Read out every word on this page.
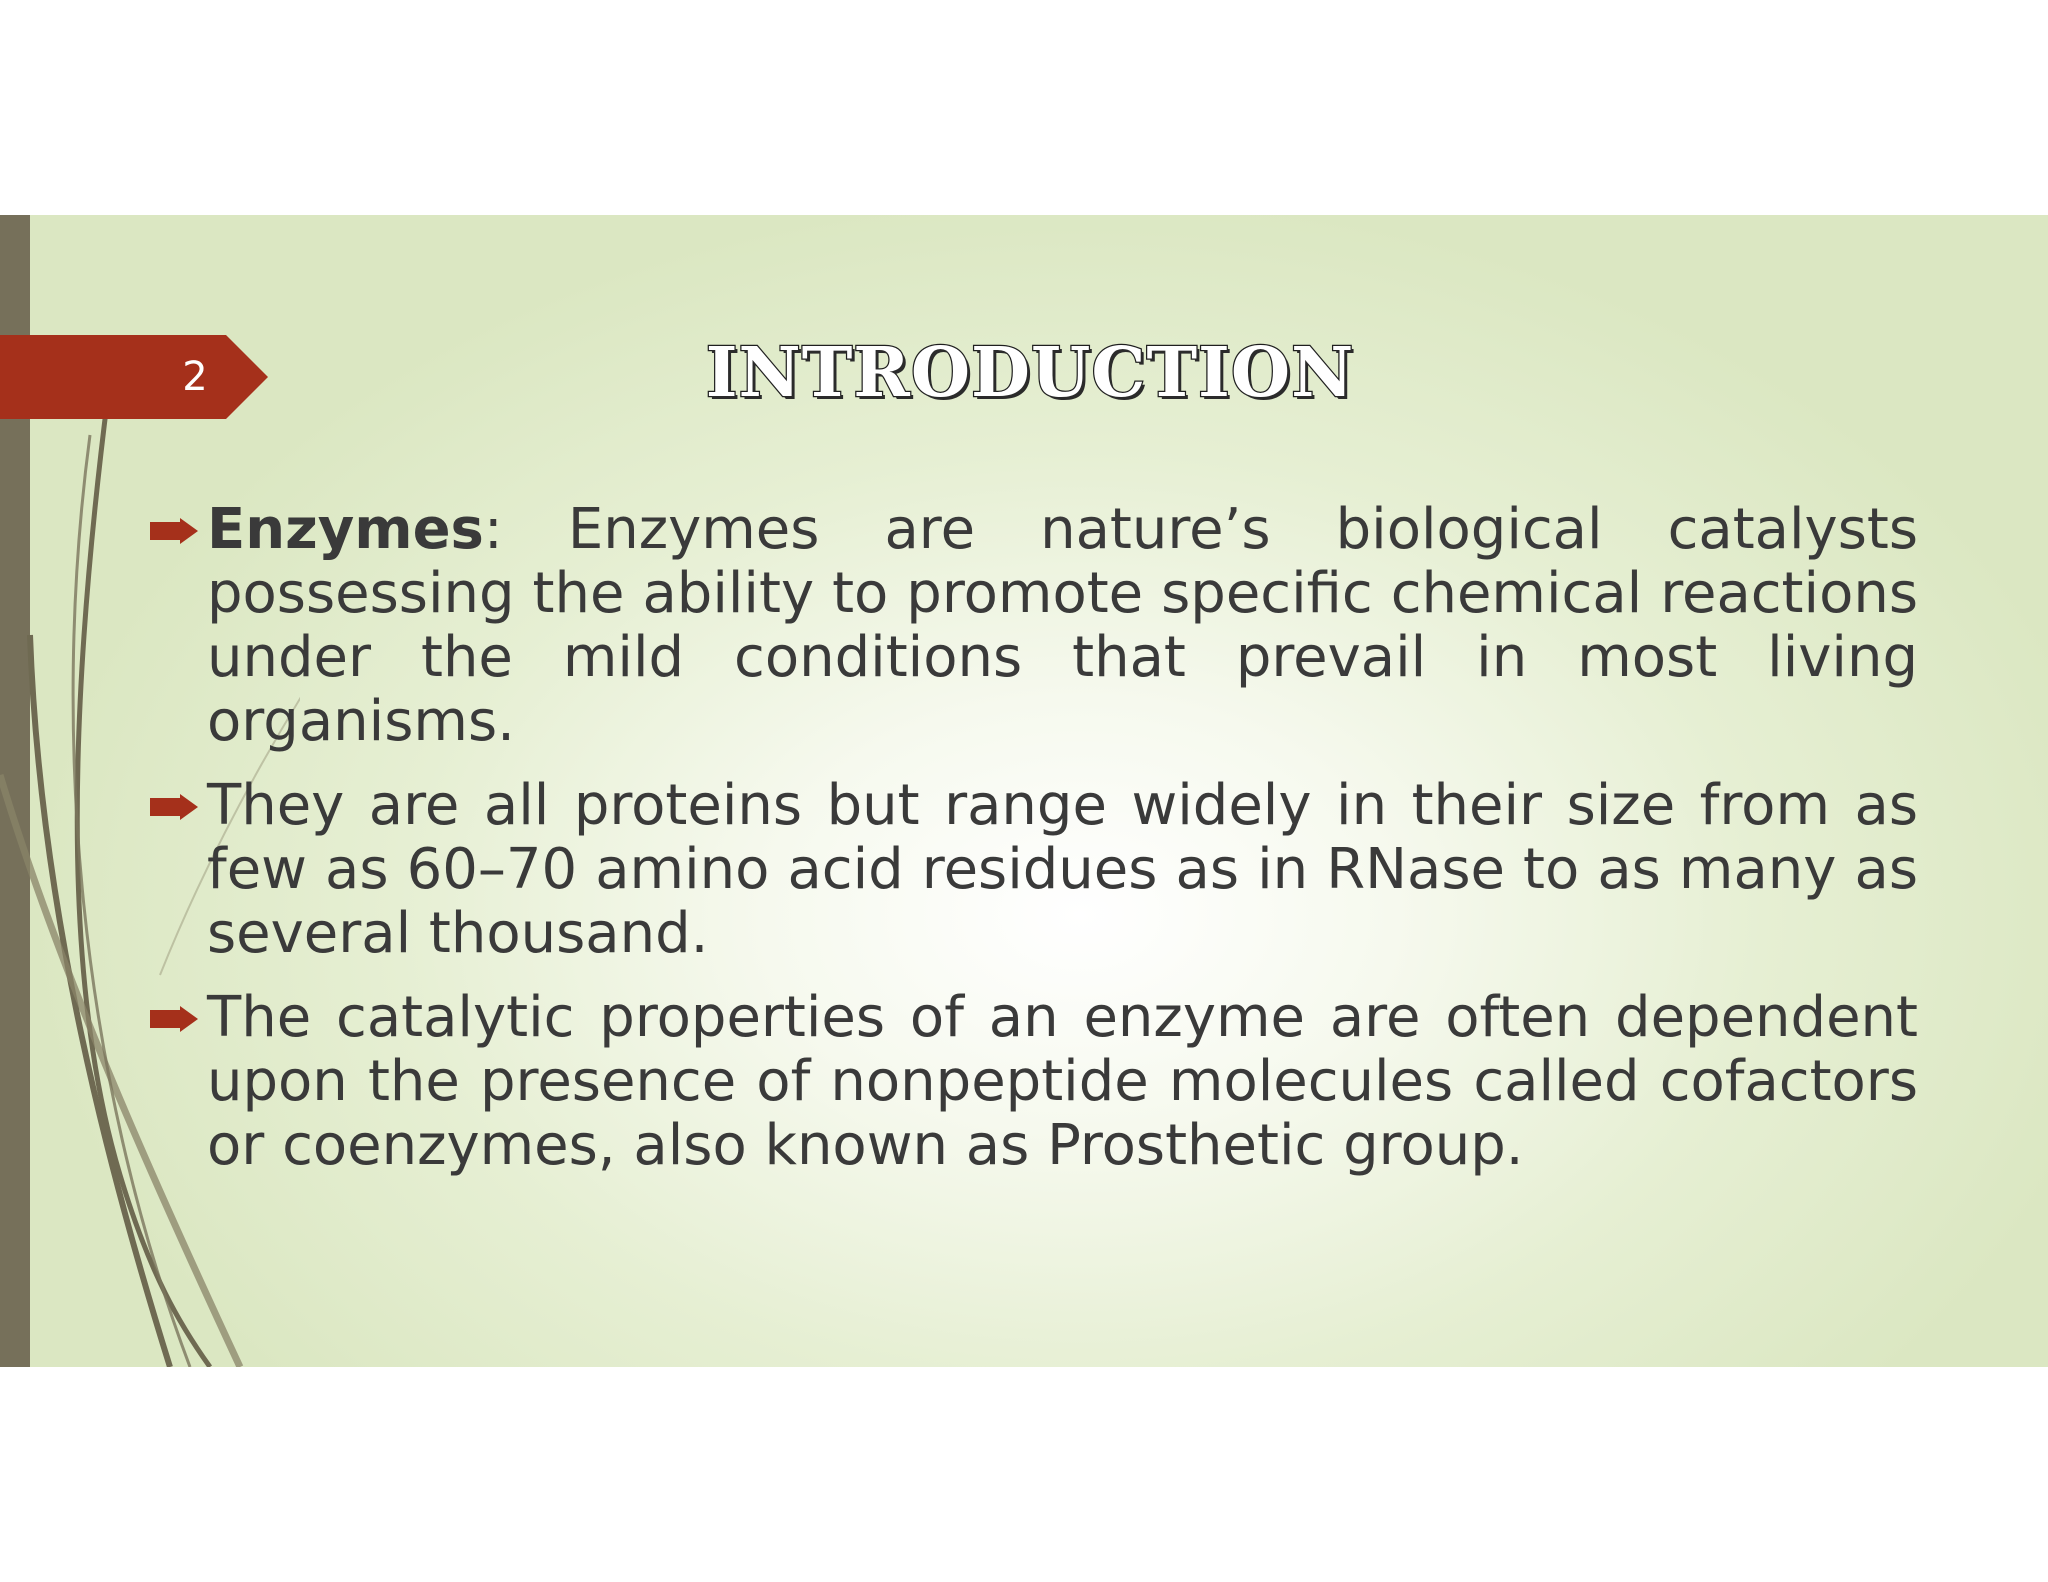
2	INTRODUCTION
Enzymes: Enzymes are nature’s biological catalysts possessing the ability to promote specific chemical reactions under the mild conditions that prevail in most living organisms.
They are all proteins but range widely in their size from as few as 60–70 amino acid residues as in RNase to as many as several thousand.
The catalytic properties of an enzyme are often dependent upon the presence of nonpeptide molecules called cofactors or coenzymes, also known as Prosthetic group.
